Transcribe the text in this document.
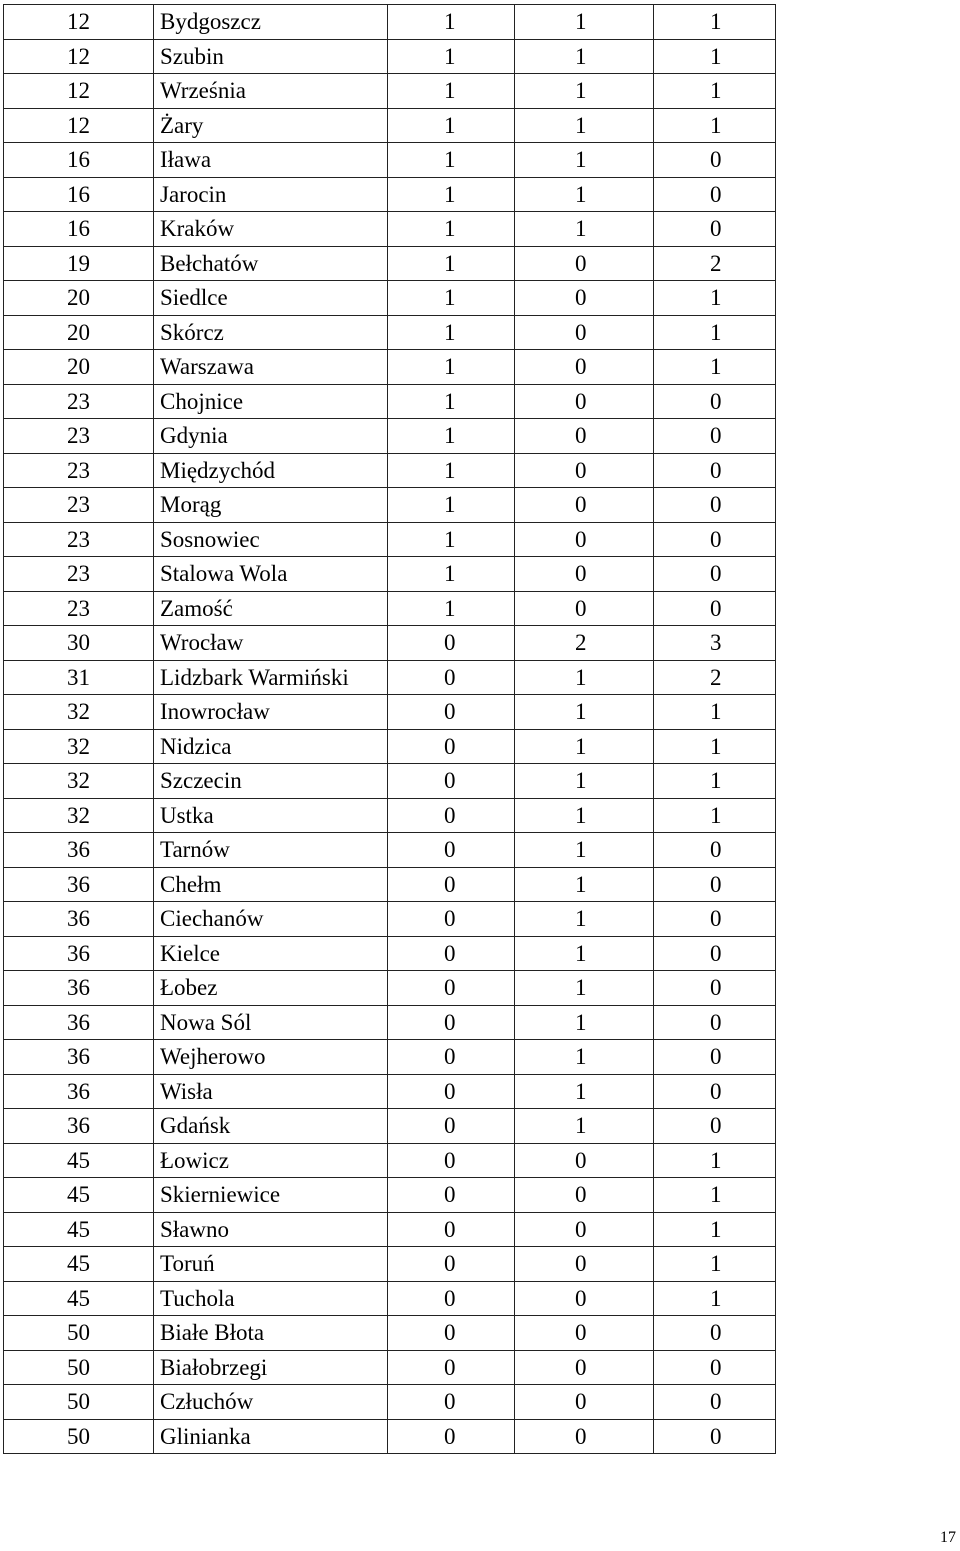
12	Bydgoszcz	1	1	1
12	Szubin	1	1	1
12	Września	1	1	1
12	Żary	1	1	1
16	Iława	1	1	0
16	Jarocin	1	1	0
16	Kraków	1	1	0
19	Bełchatów	1	0	2
20	Siedlce	1	0	1
20	Skórcz	1	0	1
20	Warszawa	1	0	1
23	Chojnice	1	0	0
23	Gdynia	1	0	0
23	Międzychód	1	0	0
23	Morąg	1	0	0
23	Sosnowiec	1	0	0
23	Stalowa Wola	1	0	0
23	Zamość	1	0	0
30	Wrocław	0	2	3
31	Lidzbark Warmiński	0	1	2
32	Inowrocław	0	1	1
32	Nidzica	0	1	1
32	Szczecin	0	1	1
32	Ustka	0	1	1
36	Tarnów	0	1	0
36	Chełm	0	1	0
36	Ciechanów	0	1	0
36	Kielce	0	1	0
36	Łobez	0	1	0
36	Nowa Sól	0	1	0
36	Wejherowo	0	1	0
36	Wisła	0	1	0
36	Gdańsk	0	1	0
45	Łowicz	0	0	1
45	Skierniewice	0	0	1
45	Sławno	0	0	1
45	Toruń	0	0	1
45	Tuchola	0	0	1
50	Białe Błota	0	0	0
50	Białobrzegi	0	0	0
50	Człuchów	0	0	0
50	Glinianka	0	0	0
17
